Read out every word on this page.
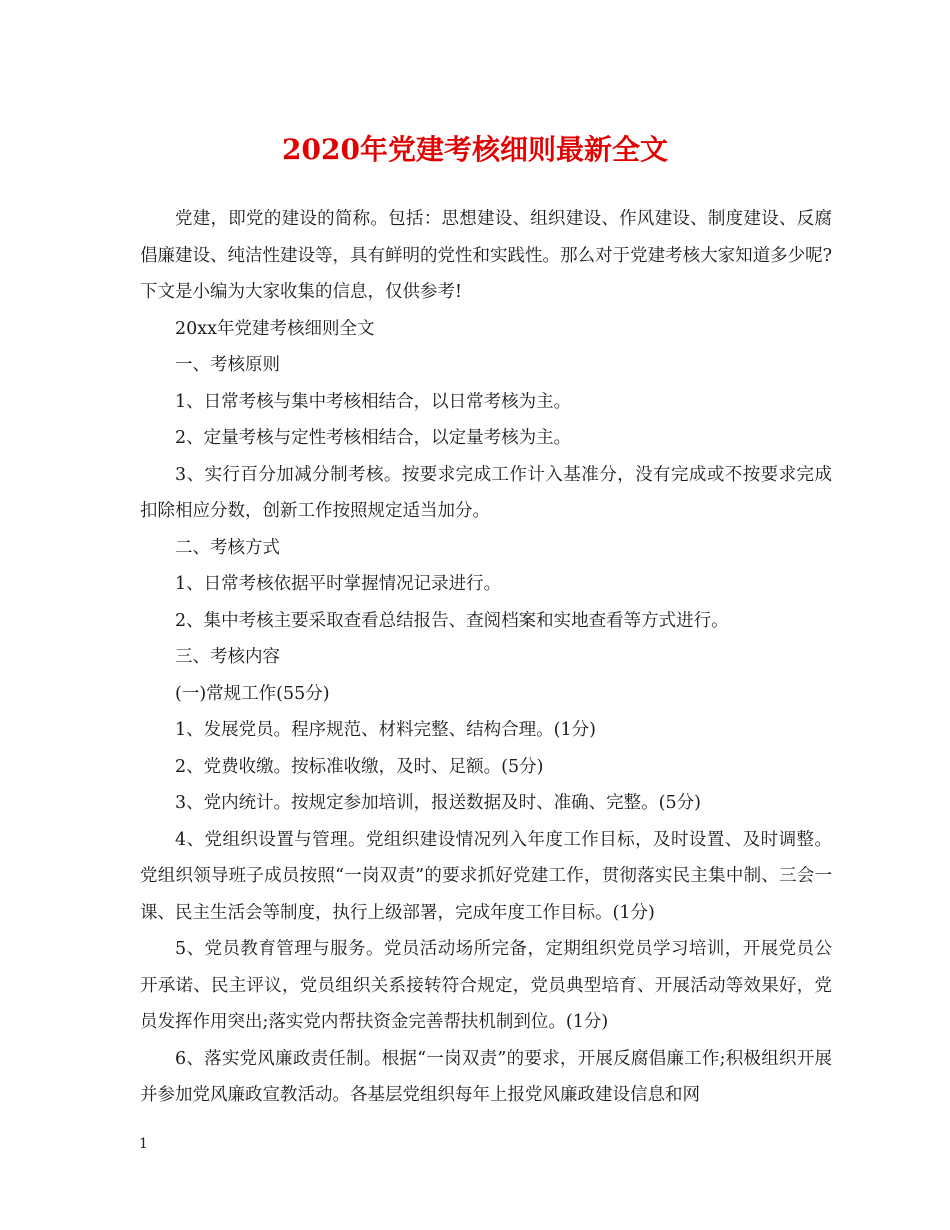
2020年党建考核细则最新全文

党建，即党的建设的简称。包括：思想建设、组织建设、作风建设、制度建设、反腐倡廉建设、纯洁性建设等，具有鲜明的党性和实践性。那么对于党建考核大家知道多少呢?下文是小编为大家收集的信息，仅供参考!

20xx年党建考核细则全文

一、考核原则

1、日常考核与集中考核相结合，以日常考核为主。

2、定量考核与定性考核相结合，以定量考核为主。

3、实行百分加减分制考核。按要求完成工作计入基准分，没有完成或不按要求完成扣除相应分数，创新工作按照规定适当加分。

二、考核方式

1、日常考核依据平时掌握情况记录进行。

2、集中考核主要采取查看总结报告、查阅档案和实地查看等方式进行。

三、考核内容

(一)常规工作(55分)

1、发展党员。程序规范、材料完整、结构合理。(1分)

2、党费收缴。按标准收缴，及时、足额。(5分)

3、党内统计。按规定参加培训，报送数据及时、准确、完整。(5分)

4、党组织设置与管理。党组织建设情况列入年度工作目标，及时设置、及时调整。党组织领导班子成员按照“一岗双责”的要求抓好党建工作，贯彻落实民主集中制、三会一课、民主生活会等制度，执行上级部署，完成年度工作目标。(1分)

5、党员教育管理与服务。党员活动场所完备，定期组织党员学习培训，开展党员公开承诺、民主评议，党员组织关系接转符合规定，党员典型培育、开展活动等效果好，党员发挥作用突出;落实党内帮扶资金完善帮扶机制到位。(1分)

6、落实党风廉政责任制。根据“一岗双责”的要求，开展反腐倡廉工作;积极组织开展并参加党风廉政宣教活动。各基层党组织每年上报党风廉政建设信息和网

1
